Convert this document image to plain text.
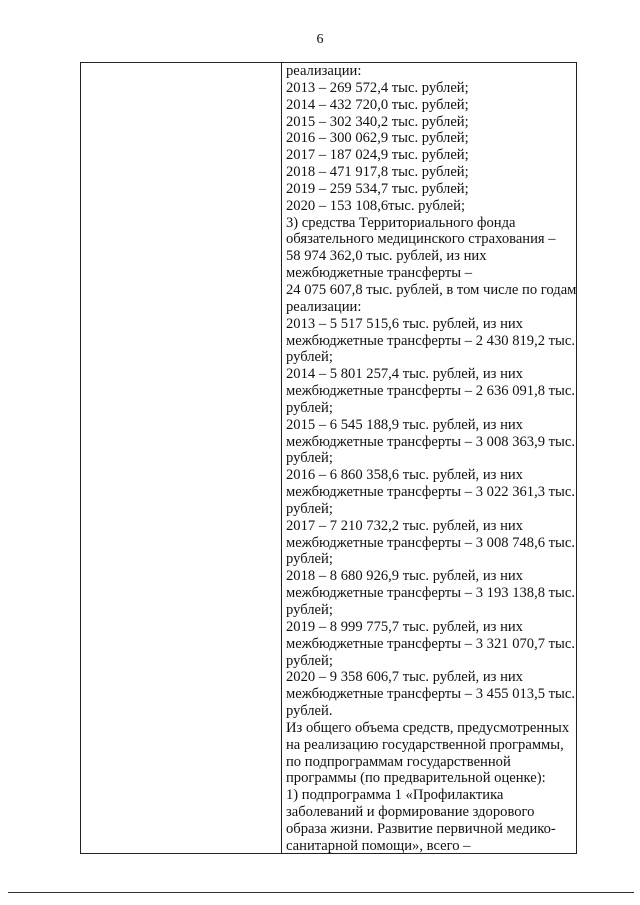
6
реализации:
2013 – 269 572,4 тыс. рублей;
2014 – 432 720,0 тыс. рублей;
2015 – 302 340,2 тыс. рублей;
2016 – 300 062,9 тыс. рублей;
2017 – 187 024,9 тыс. рублей;
2018 – 471 917,8 тыс. рублей;
2019 – 259 534,7 тыс. рублей;
2020 – 153 108,6тыс. рублей;
3) средства Территориального фонда
обязательного медицинского страхования –
58 974 362,0 тыс. рублей, из них
межбюджетные трансферты –
24 075 607,8 тыс. рублей, в том числе по годам
реализации:
2013 – 5 517 515,6 тыс. рублей, из них
межбюджетные трансферты – 2 430 819,2 тыс.
рублей;
2014 – 5 801 257,4 тыс. рублей, из них
межбюджетные трансферты – 2 636 091,8 тыс.
рублей;
2015 – 6 545 188,9 тыс. рублей, из них
межбюджетные трансферты – 3 008 363,9 тыс.
рублей;
2016 – 6 860 358,6 тыс. рублей, из них
межбюджетные трансферты – 3 022 361,3 тыс.
рублей;
2017 – 7 210 732,2 тыс. рублей, из них
межбюджетные трансферты – 3 008 748,6 тыс.
рублей;
2018 – 8 680 926,9 тыс. рублей, из них
межбюджетные трансферты – 3 193 138,8 тыс.
рублей;
2019 – 8 999 775,7 тыс. рублей, из них
межбюджетные трансферты – 3 321 070,7 тыс.
рублей;
2020 – 9 358 606,7 тыс. рублей, из них
межбюджетные трансферты – 3 455 013,5 тыс.
рублей.
Из общего объема средств, предусмотренных
на реализацию государственной программы,
по подпрограммам государственной
программы (по предварительной оценке):
1) подпрограмма 1 «Профилактика
заболеваний и формирование здорового
образа жизни. Развитие первичной медико-
санитарной помощи», всего –
